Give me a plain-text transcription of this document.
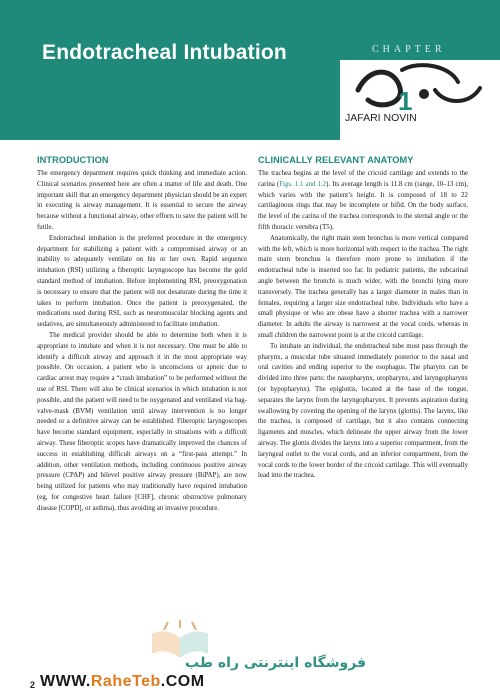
Endotracheal Intubation	CHAPTER
1
JAFARI NOVIN
PUBLICATION
INTRODUCTION

The emergency department requires quick thinking and immediate action. Clinical scenarios presented here are often a matter of life and death. One important skill that an emergency department physician should be an expert in executing is airway management. It is essential to secure the airway because without a functional airway, other efforts to save the patient will be futile.

Endotracheal intubation is the preferred procedure in the emergency department for stabilizing a patient with a compromised airway or an inability to adequately ventilate on his or her own. Rapid sequence intubation (RSI) utilizing a fiberoptic laryngoscope has become the gold standard method of intubation. Before implementing RSI, preoxygenation is necessary to ensure that the patient will not desaturate during the time it takes to perform intubation. Once the patient is preoxygenated, the medications used during RSI, such as neuromuscular blocking agents and sedatives, are simultaneously administered to facilitate intubation.

The medical provider should be able to determine both when it is appropriate to intubate and when it is not necessary. One must be able to identify a difficult airway and approach it in the most appropriate way possible. On occasion, a patient who is unconscious or apneic due to cardiac arrest may require a “crash intubation” to be performed without the use of RSI. There will also be clinical scenarios in which intubation is not possible, and the patient will need to be oxygenated and ventilated via bag-valve-mask (BVM) ventilation until airway intervention is no longer needed or a definitive airway can be established. Fiberoptic laryngoscopes have become standard equipment, especially in situations with a difficult airway. These fiberoptic scopes have dramatically improved the chances of success in establishing difficult airways on a “first-pass attempt.” In addition, other ventilation methods, including continuous positive airway pressure (CPAP) and bilevel positive airway pressure (BiPAP), are now being utilized for patients who may traditionally have required intubation (eg, for congestive heart failure [CHF], chronic obstructive pulmonary disease [COPD], or asthma), thus avoiding an invasive procedure.

CLINICALLY RELEVANT ANATOMY

The trachea begins at the level of the cricoid cartilage and extends to the carina (Figs. 1.1 and 1.2). Its average length is 11.8 cm (range, 10–13 cm), which varies with the patient’s height. It is composed of 18 to 22 cartilaginous rings that may be incomplete or bifid. On the body surface, the level of the carina of the trachea corresponds to the sternal angle or the fifth thoracic vertebra (T5).

Anatomically, the right main stem bronchus is more vertical compared with the left, which is more horizontal with respect to the trachea. The right main stem bronchus is therefore more prone to intubation if the endotracheal tube is inserted too far. In pediatric patients, the subcarinal angle between the bronchi is much wider, with the bronchi lying more transversely. The trachea generally has a larger diameter in males than in females, requiring a larger size endotracheal tube. Individuals who have a small physique or who are obese have a shorter trachea with a narrower diameter. In adults the airway is narrowest at the vocal cords, whereas in small children the narrowest point is at the cricoid cartilage.

To intubate an individual, the endotracheal tube must pass through the pharynx, a muscular tube situated immediately posterior to the nasal and oral cavities and ending superior to the esophagus. The pharynx can be divided into three parts: the nasopharynx, oropharynx, and laryngopharynx (or hypopharynx). The epiglottis, located at the base of the tongue, separates the larynx from the laryngopharynx. It prevents aspiration during swallowing by covering the opening of the larynx (glottis). The larynx, like the trachea, is composed of cartilage, but it also contains connecting ligaments and muscles, which delineate the upper airway from the lower airway. The glottis divides the larynx into a superior compartment, from the laryngeal outlet to the vocal cords, and an inferior compartment, from the vocal cords to the lower border of the cricoid cartilage. This will eventually lead into the trachea.

فروشگاه اینترنتی راه طب
WWW.RaheTeb.COM
2
